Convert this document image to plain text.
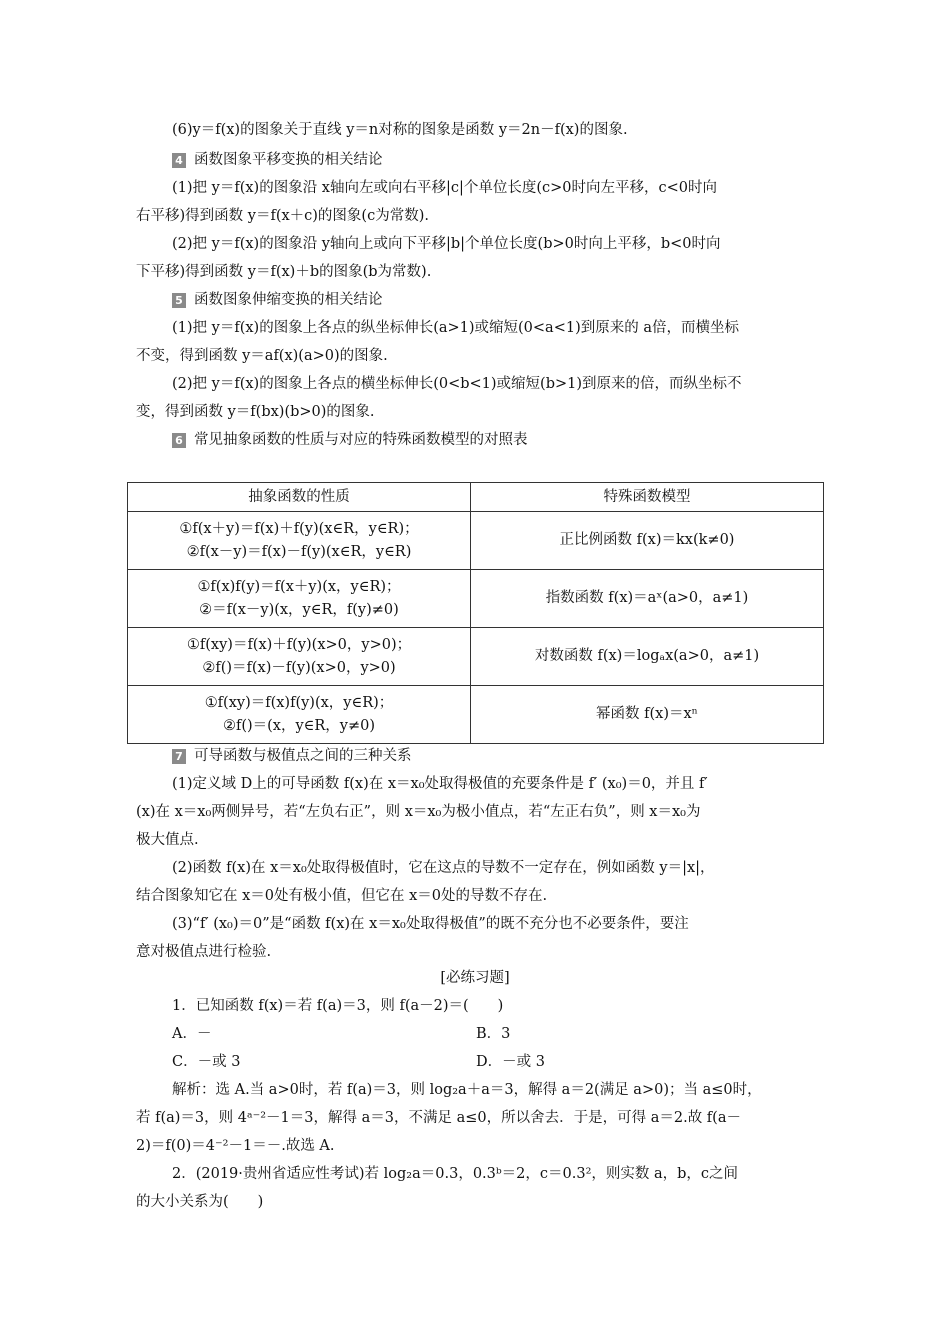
(6)y＝f(x)的图象关于直线 y＝n对称的图象是函数 y＝2n－f(x)的图象.
4 函数图象平移变换的相关结论
(1)把 y＝f(x)的图象沿 x轴向左或向右平移|c|个单位长度(c>0时向左平移，c<0时向
右平移)得到函数 y＝f(x＋c)的图象(c为常数).
(2)把 y＝f(x)的图象沿 y轴向上或向下平移|b|个单位长度(b>0时向上平移，b<0时向
下平移)得到函数 y＝f(x)＋b的图象(b为常数).
5 函数图象伸缩变换的相关结论
(1)把 y＝f(x)的图象上各点的纵坐标伸长(a>1)或缩短(0<a<1)到原来的 a倍，而横坐标
不变，得到函数 y＝af(x)(a>0)的图象.
(2)把 y＝f(x)的图象上各点的横坐标伸长(0<b<1)或缩短(b>1)到原来的倍，而纵坐标不
变，得到函数 y＝f(bx)(b>0)的图象.
6 常见抽象函数的性质与对应的特殊函数模型的对照表
抽象函数的性质	特殊函数模型

①f(x＋y)＝f(x)＋f(y)(x∈R，y∈R)；
②f(x－y)＝f(x)－f(y)(x∈R，y∈R)	正比例函数 f(x)＝kx(k≠0)

①f(x)f(y)＝f(x＋y)(x，y∈R)；
②＝f(x－y)(x，y∈R，f(y)≠0)	指数函数 f(x)＝aˣ(a>0，a≠1)

①f(xy)＝f(x)＋f(y)(x>0，y>0)；
②f()＝f(x)－f(y)(x>0，y>0)	对数函数 f(x)＝logₐx(a>0，a≠1)

①f(xy)＝f(x)f(y)(x，y∈R)；
②f()＝(x，y∈R，y≠0)	幂函数 f(x)＝xⁿ
7 可导函数与极值点之间的三种关系
(1)定义域 D上的可导函数 f(x)在 x＝x₀处取得极值的充要条件是 f′ (x₀)＝0，并且 f′
(x)在 x＝x₀两侧异号，若“左负右正”，则 x＝x₀为极小值点，若“左正右负”，则 x＝x₀为
极大值点.
(2)函数 f(x)在 x＝x₀处取得极值时，它在这点的导数不一定存在，例如函数 y＝|x|，
结合图象知它在 x＝0处有极小值，但它在 x＝0处的导数不存在.
(3)“f′ (x₀)＝0”是“函数 f(x)在 x＝x₀处取得极值”的既不充分也不必要条件，要注
意对极值点进行检验.
[必练习题]
1．已知函数 f(x)＝若 f(a)＝3，则 f(a－2)＝(　　)
A．－	B．3
C．－或 3	D．－或 3
解析：选 A.当 a>0时，若 f(a)＝3，则 log₂a＋a＝3，解得 a＝2(满足 a>0)；当 a≤0时，
若 f(a)＝3，则 4ᵃ⁻²－1＝3，解得 a＝3，不满足 a≤0，所以舍去．于是，可得 a＝2.故 f(a－
2)＝f(0)＝4⁻²－1＝－.故选 A.
2．(2019·贵州省适应性考试)若 log₂a＝0.3，0.3ᵇ＝2，c＝0.3²，则实数 a，b，c之间
的大小关系为(　　)
